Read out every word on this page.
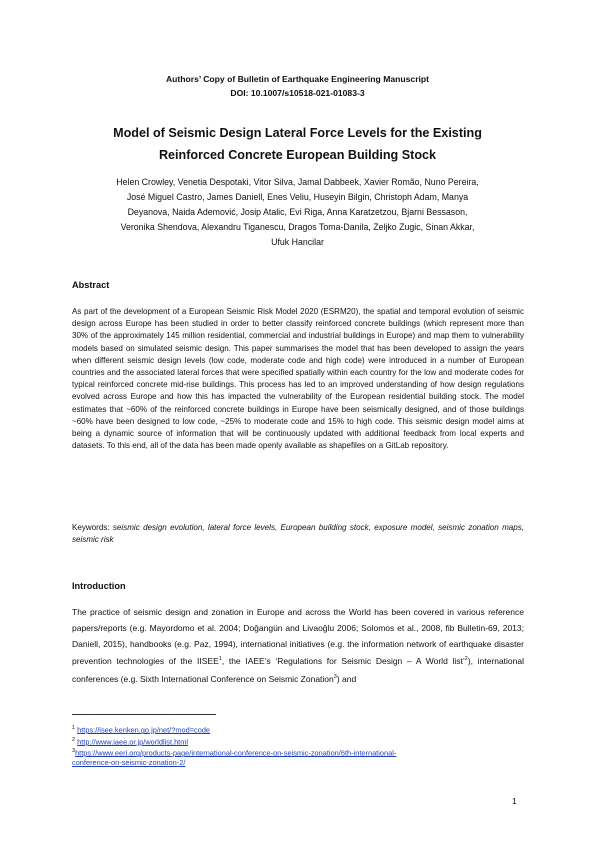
Authors’ Copy of Bulletin of Earthquake Engineering Manuscript
DOI: 10.1007/s10518-021-01083-3
Model of Seismic Design Lateral Force Levels for the Existing
Reinforced Concrete European Building Stock
Helen Crowley, Venetia Despotaki, Vitor Silva, Jamal Dabbeek, Xavier Romão, Nuno Pereira,
José Miguel Castro, James Daniell, Enes Veliu, Huseyin Bilgin, Christoph Adam, Manya
Deyanova, Naida Ademović, Josip Atalic, Evi Riga, Anna Karatzetzou, Bjarni Bessason,
Veronika Shendova, Alexandru Tiganescu, Dragos Toma-Danila, Zeljko Zugic, Sinan Akkar,
Ufuk Hancilar
Abstract
As part of the development of a European Seismic Risk Model 2020 (ESRM20), the spatial and temporal evolution of seismic design across Europe has been studied in order to better classify reinforced concrete buildings (which represent more than 30% of the approximately 145 million residential, commercial and industrial buildings in Europe) and map them to vulnerability models based on simulated seismic design. This paper summarises the model that has been developed to assign the years when different seismic design levels (low code, moderate code and high code) were introduced in a number of European countries and the associated lateral forces that were specified spatially within each country for the low and moderate codes for typical reinforced concrete mid-rise buildings. This process has led to an improved understanding of how design regulations evolved across Europe and how this has impacted the vulnerability of the European residential building stock. The model estimates that ~60% of the reinforced concrete buildings in Europe have been seismically designed, and of those buildings ~60% have been designed to low code, ~25% to moderate code and 15% to high code. This seismic design model aims at being a dynamic source of information that will be continuously updated with additional feedback from local experts and datasets. To this end, all of the data has been made openly available as shapefiles on a GitLab repository.
Keywords: seismic design evolution, lateral force levels, European building stock, exposure model, seismic zonation maps, seismic risk
Introduction
The practice of seismic design and zonation in Europe and across the World has been covered in various reference papers/reports (e.g. Mayordomo et al. 2004; Doğangün and Livaoğlu 2006; Solomos et al., 2008, fib Bulletin-69, 2013; Daniell, 2015), handbooks (e.g. Paz, 1994), international initiatives (e.g. the information network of earthquake disaster prevention technologies of the IISEE$^1$, the IAEE’s ‘Regulations for Seismic Design – A World list’$^2$), international conferences (e.g. Sixth International Conference on Seismic Zonation$^3$) and
$^1$ https://isee.kenken.go.jp/net/?mod=code
$^2$ http://www.iaee.or.jp/worldlist.html
$^3$https://www.eeri.org/products-page/international-conference-on-seismic-zonation/6th-international-
conference-on-seismic-zonation-2/
1
